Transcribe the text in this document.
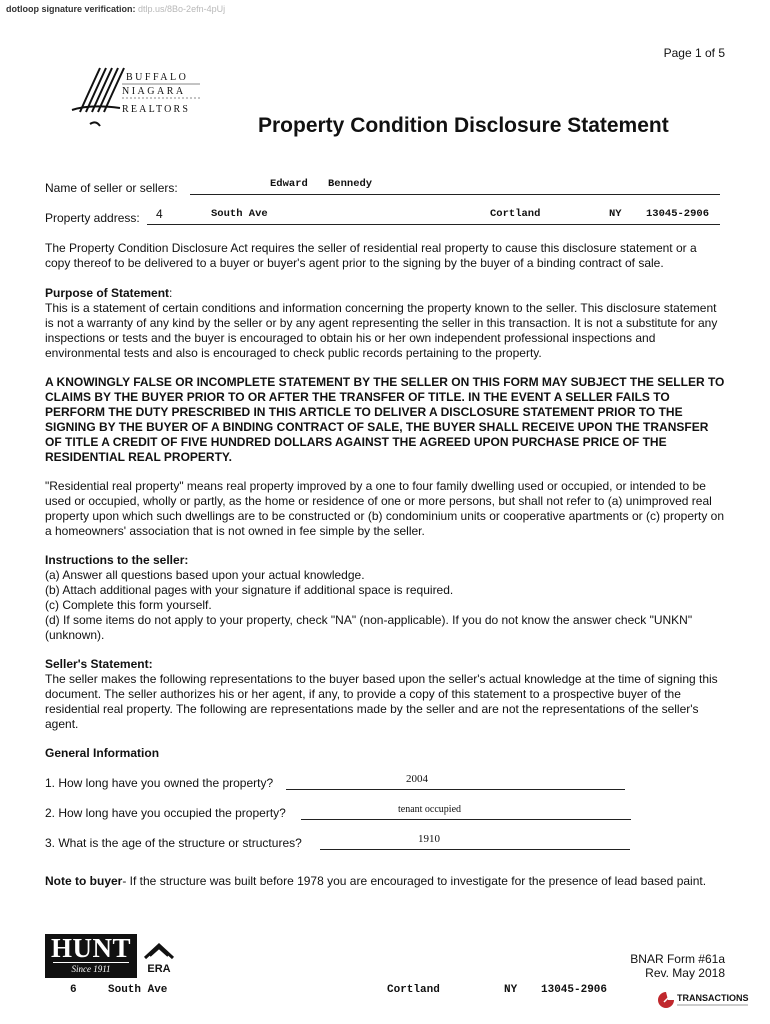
dotloop signature verification: dtlp.us/8Bo-2efn-4pUj
Page 1 of 5
BUFFALO
NIAGARA
REALTORS
Property Condition Disclosure Statement
Name of seller or sellers:	Edward Bennedy
Property address: 4	South Ave	Cortland	NY 13045-2906
The Property Condition Disclosure Act requires the seller of residential real property to cause this disclosure statement or a copy thereof to be delivered to a buyer or buyer's agent prior to the signing by the buyer of a binding contract of sale.
Purpose of Statement:
This is a statement of certain conditions and information concerning the property known to the seller. This disclosure statement is not a warranty of any kind by the seller or by any agent representing the seller in this transaction. It is not a substitute for any inspections or tests and the buyer is encouraged to obtain his or her own independent professional inspections and environmental tests and also is encouraged to check public records pertaining to the property.
A KNOWINGLY FALSE OR INCOMPLETE STATEMENT BY THE SELLER ON THIS FORM MAY SUBJECT THE SELLER TO CLAIMS BY THE BUYER PRIOR TO OR AFTER THE TRANSFER OF TITLE. IN THE EVENT A SELLER FAILS TO PERFORM THE DUTY PRESCRIBED IN THIS ARTICLE TO DELIVER A DISCLOSURE STATEMENT PRIOR TO THE SIGNING BY THE BUYER OF A BINDING CONTRACT OF SALE, THE BUYER SHALL RECEIVE UPON THE TRANSFER OF TITLE A CREDIT OF FIVE HUNDRED DOLLARS AGAINST THE AGREED UPON PURCHASE PRICE OF THE RESIDENTIAL REAL PROPERTY.
"Residential real property" means real property improved by a one to four family dwelling used or occupied, or intended to be used or occupied, wholly or partly, as the home or residence of one or more persons, but shall not refer to (a) unimproved real property upon which such dwellings are to be constructed or (b) condominium units or cooperative apartments or (c) property on a homeowners' association that is not owned in fee simple by the seller.
Instructions to the seller:
(a) Answer all questions based upon your actual knowledge.
(b) Attach additional pages with your signature if additional space is required.
(c) Complete this form yourself.
(d) If some items do not apply to your property, check "NA" (non-applicable). If you do not know the answer check "UNKN" (unknown).
Seller's Statement:
The seller makes the following representations to the buyer based upon the seller's actual knowledge at the time of signing this document. The seller authorizes his or her agent, if any, to provide a copy of this statement to a prospective buyer of the residential real property. The following are representations made by the seller and are not the representations of the seller's agent.
General Information
1. How long have you owned the property?	2004
2. How long have you occupied the property?	tenant occupied
3. What is the age of the structure or structures?	1910
Note to buyer- If the structure was built before 1978 you are encouraged to investigate for the presence of lead based paint.
HUNT
Since 1911	ERA
BNAR Form #61a
Rev. May 2018
6	South Ave	Cortland	NY 13045-2906
TRANSACTIONS
